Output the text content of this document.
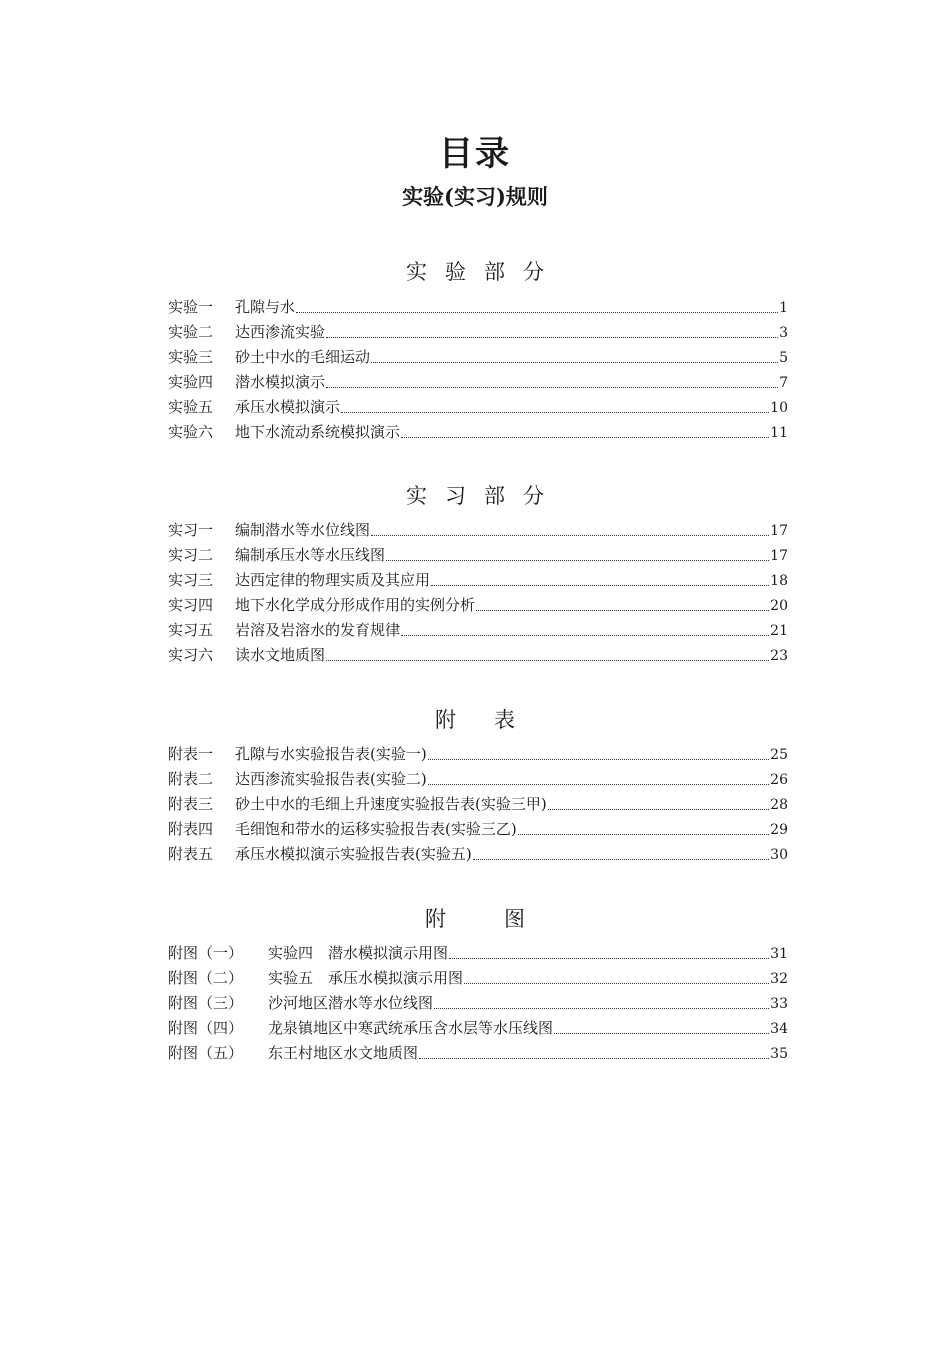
目录
实验(实习)规则
实 验 部 分
实验一	孔隙与水	1
实验二	达西渗流实验	3
实验三	砂土中水的毛细运动	5
实验四	潜水模拟演示	7
实验五	承压水模拟演示	10
实验六	地下水流动系统模拟演示	11
实 习 部 分
实习一	编制潜水等水位线图	17
实习二	编制承压水等水压线图	17
实习三	达西定律的物理实质及其应用	18
实习四	地下水化学成分形成作用的实例分析	20
实习五	岩溶及岩溶水的发育规律	21
实习六	读水文地质图	23
附 表
附表一	孔隙与水实验报告表(实验一)	25
附表二	达西渗流实验报告表(实验二)	26
附表三	砂土中水的毛细上升速度实验报告表(实验三甲)	28
附表四	毛细饱和带水的运移实验报告表(实验三乙)	29
附表五	承压水模拟演示实验报告表(实验五)	30
附	图
附图（一）	实验四　潜水模拟演示用图	31
附图（二）	实验五　承压水模拟演示用图	32
附图（三）	沙河地区潜水等水位线图	33
附图（四）	龙泉镇地区中寒武统承压含水层等水压线图	34
附图（五）	东王村地区水文地质图	35
